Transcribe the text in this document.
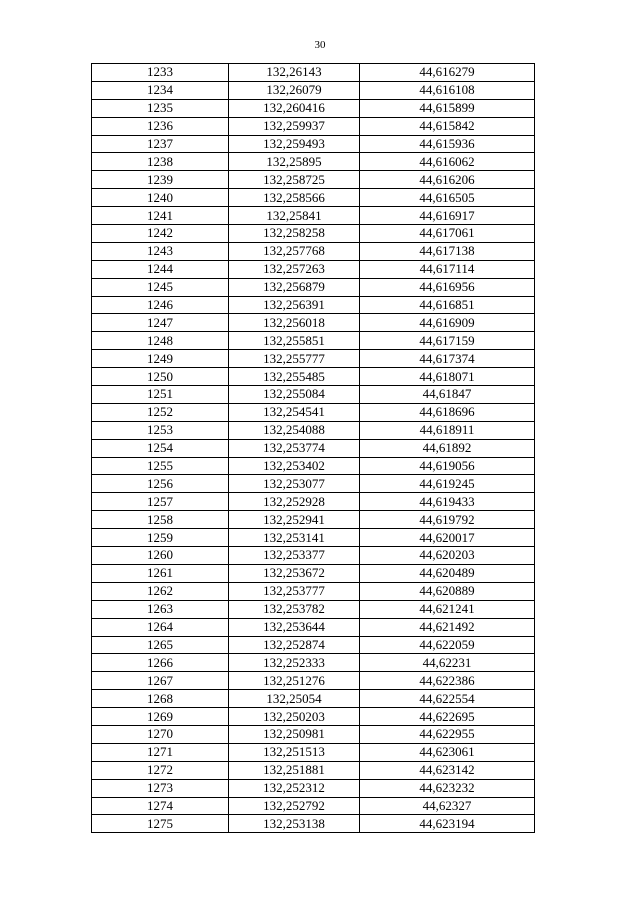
30
1233	132,26143	44,616279
1234	132,26079	44,616108
1235	132,260416	44,615899
1236	132,259937	44,615842
1237	132,259493	44,615936
1238	132,25895	44,616062
1239	132,258725	44,616206
1240	132,258566	44,616505
1241	132,25841	44,616917
1242	132,258258	44,617061
1243	132,257768	44,617138
1244	132,257263	44,617114
1245	132,256879	44,616956
1246	132,256391	44,616851
1247	132,256018	44,616909
1248	132,255851	44,617159
1249	132,255777	44,617374
1250	132,255485	44,618071
1251	132,255084	44,61847
1252	132,254541	44,618696
1253	132,254088	44,618911
1254	132,253774	44,61892
1255	132,253402	44,619056
1256	132,253077	44,619245
1257	132,252928	44,619433
1258	132,252941	44,619792
1259	132,253141	44,620017
1260	132,253377	44,620203
1261	132,253672	44,620489
1262	132,253777	44,620889
1263	132,253782	44,621241
1264	132,253644	44,621492
1265	132,252874	44,622059
1266	132,252333	44,62231
1267	132,251276	44,622386
1268	132,25054	44,622554
1269	132,250203	44,622695
1270	132,250981	44,622955
1271	132,251513	44,623061
1272	132,251881	44,623142
1273	132,252312	44,623232
1274	132,252792	44,62327
1275	132,253138	44,623194
